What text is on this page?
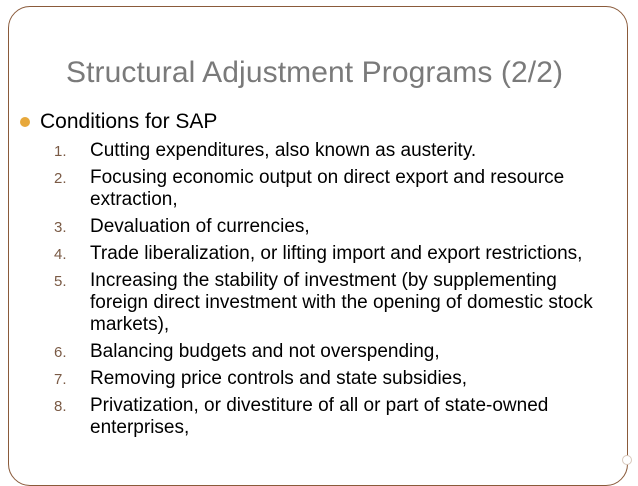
Structural Adjustment Programs (2/2)
Conditions for SAP
1.	Cutting expenditures, also known as austerity.
2.	Focusing economic output on direct export and resource extraction,
3.	Devaluation of currencies,
4.	Trade liberalization, or lifting import and export restrictions,
5.	Increasing the stability of investment (by supplementing foreign direct investment with the opening of domestic stock markets),
6.	Balancing budgets and not overspending,
7.	Removing price controls and state subsidies,
8.	Privatization, or divestiture of all or part of state-owned enterprises,
